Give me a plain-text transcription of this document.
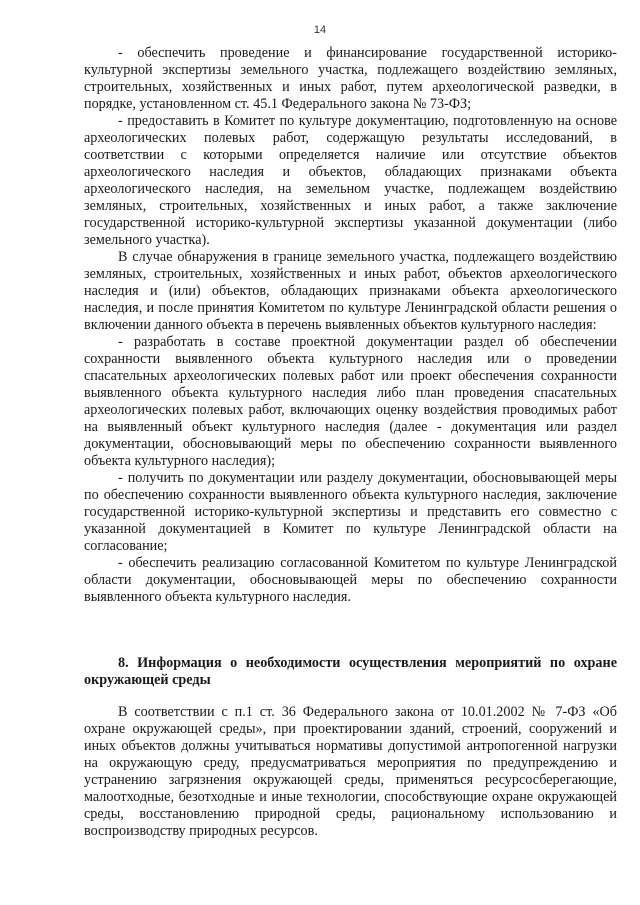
14

- обеспечить проведение и финансирование государственной историко-культурной экспертизы земельного участка, подлежащего воздействию земляных, строительных, хозяйственных и иных работ, путем археологической разведки, в порядке, установленном ст. 45.1 Федерального закона № 73-ФЗ;

- предоставить в Комитет по культуре документацию, подготовленную на основе археологических полевых работ, содержащую результаты исследований, в соответствии с которыми определяется наличие или отсутствие объектов археологического наследия и объектов, обладающих признаками объекта археологического наследия, на земельном участке, подлежащем воздействию земляных, строительных, хозяйственных и иных работ, а также заключение государственной историко-культурной экспертизы указанной документации (либо земельного участка).

В случае обнаружения в границе земельного участка, подлежащего воздействию земляных, строительных, хозяйственных и иных работ, объектов археологического наследия и (или) объектов, обладающих признаками объекта археологического наследия, и после принятия Комитетом по культуре Ленинградской области решения о включении данного объекта в перечень выявленных объектов культурного наследия:

- разработать в составе проектной документации раздел об обеспечении сохранности выявленного объекта культурного наследия или о проведении спасательных археологических полевых работ или проект обеспечения сохранности выявленного объекта культурного наследия либо план проведения спасательных археологических полевых работ, включающих оценку воздействия проводимых работ на выявленный объект культурного наследия (далее - документация или раздел документации, обосновывающий меры по обеспечению сохранности выявленного объекта культурного наследия);

- получить по документации или разделу документации, обосновывающей меры по обеспечению сохранности выявленного объекта культурного наследия, заключение государственной историко-культурной экспертизы и представить его совместно с указанной документацией в Комитет по культуре Ленинградской области на согласование;

- обеспечить реализацию согласованной Комитетом по культуре Ленинградской области документации, обосновывающей меры по обеспечению сохранности выявленного объекта культурного наследия.

8. Информация о необходимости осуществления мероприятий по охране окружающей среды

В соответствии с п.1 ст. 36 Федерального закона от 10.01.2002 № 7-ФЗ «Об охране окружающей среды», при проектировании зданий, строений, сооружений и иных объектов должны учитываться нормативы допустимой антропогенной нагрузки на окружающую среду, предусматриваться мероприятия по предупреждению и устранению загрязнения окружающей среды, применяться ресурсосберегающие, малоотходные, безотходные и иные технологии, способствующие охране окружающей среды, восстановлению природной среды, рациональному использованию и воспроизводству природных ресурсов.
